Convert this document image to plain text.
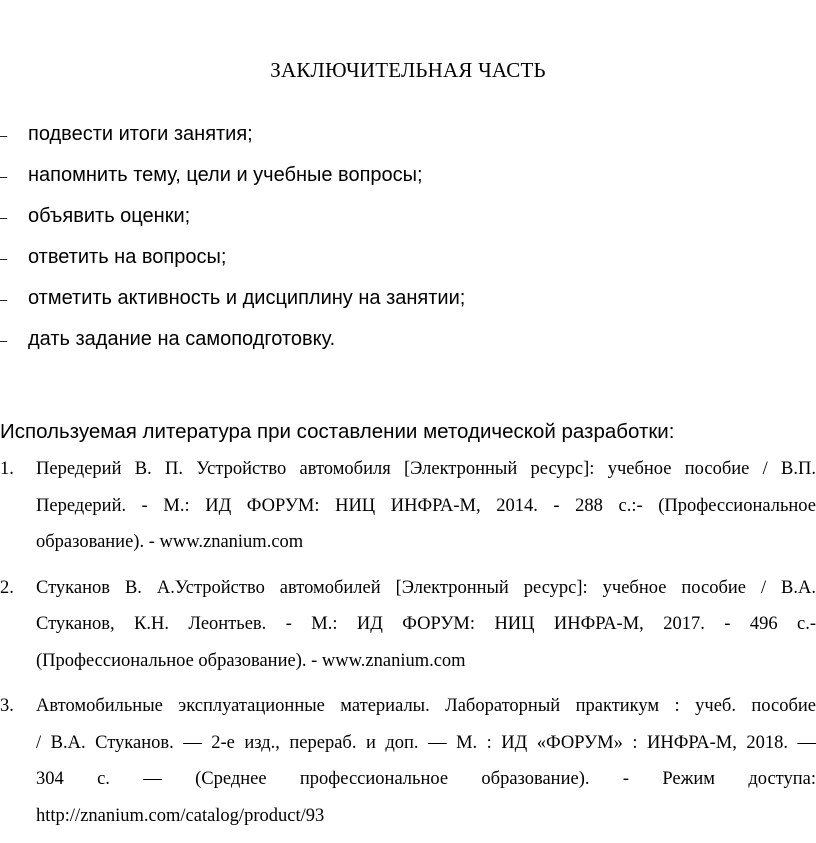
ЗАКЛЮЧИТЕЛЬНАЯ ЧАСТЬ
– подвести итоги занятия;
– напомнить тему, цели и учебные вопросы;
– объявить оценки;
– ответить на вопросы;
– отметить активность и дисциплину на занятии;
– дать задание на самоподготовку.
Используемая литература при составлении методической разработки:
1. Передерий В. П. Устройство автомобиля [Электронный ресурс]: учебное пособие / В.П.
Передерий. - М.: ИД ФОРУМ: НИЦ ИНФРА-М, 2014. - 288 с.:- (Профессиональное
образование). - www.znanium.com
2. Стуканов В. А.Устройство автомобилей [Электронный ресурс]: учебное пособие / В.А.
Стуканов, К.Н. Леонтьев. - М.: ИД ФОРУМ: НИЦ ИНФРА-М, 2017. - 496 с.-
(Профессиональное образование). - www.znanium.com
3. Автомобильные эксплуатационные материалы. Лабораторный практикум : учеб. пособие
/ В.А. Стуканов. — 2-е изд., перераб. и доп. — М. : ИД «ФОРУМ» : ИНФРА-М, 2018. —
304 с. — (Среднее профессиональное образование). - Режим доступа:
http://znanium.com/catalog/product/93
